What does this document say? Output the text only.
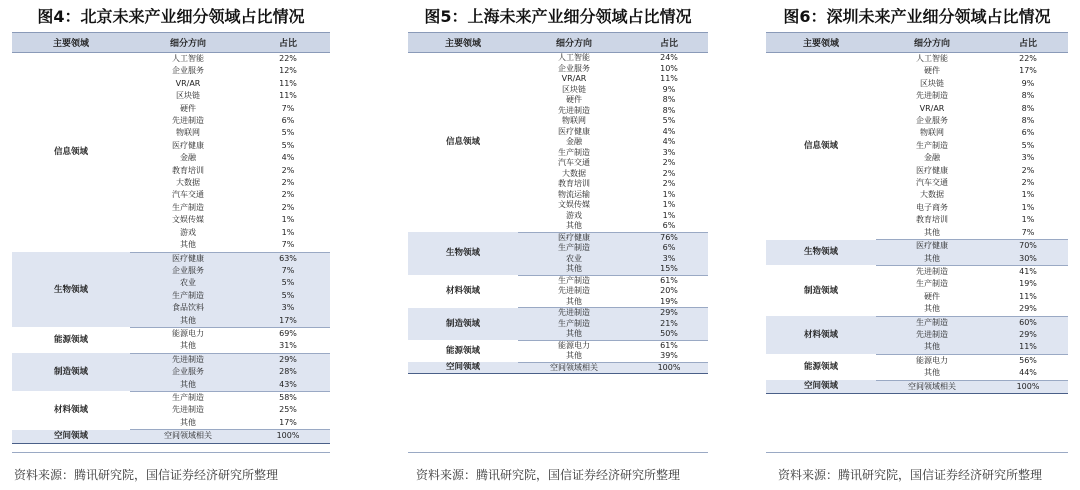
图4：北京未来产业细分领域占比情况
主要领域	细分方向	占比
信息领域	人工智能	22%
	企业服务	12%
	VR/AR	11%
	区块链	11%
	硬件	7%
	先进制造	6%
	物联网	5%
	医疗健康	5%
	金融	4%
	教育培训	2%
	大数据	2%
	汽车交通	2%
	生产制造	2%
	文娱传媒	1%
	游戏	1%
	其他	7%
生物领域	医疗健康	63%
	企业服务	7%
	农业	5%
	生产制造	5%
	食品饮料	3%
	其他	17%
能源领域	能源电力	69%
	其他	31%
制造领域	先进制造	29%
	企业服务	28%
	其他	43%
材料领域	生产制造	58%
	先进制造	25%
	其他	17%
空间领域	空间领域相关	100%
资料来源：腾讯研究院，国信证券经济研究所整理
图5：上海未来产业细分领域占比情况
主要领域	细分方向	占比
信息领域	人工智能	24%
	企业服务	10%
	VR/AR	11%
	区块链	9%
	硬件	8%
	先进制造	8%
	物联网	5%
	医疗健康	4%
	金融	4%
	生产制造	3%
	汽车交通	2%
	大数据	2%
	教育培训	2%
	物流运输	1%
	文娱传媒	1%
	游戏	1%
	其他	6%
生物领域	医疗健康	76%
	生产制造	6%
	农业	3%
	其他	15%
材料领域	生产制造	61%
	先进制造	20%
	其他	19%
制造领域	先进制造	29%
	生产制造	21%
	其他	50%
能源领域	能源电力	61%
	其他	39%
空间领域	空间领域相关	100%
资料来源：腾讯研究院，国信证券经济研究所整理
图6：深圳未来产业细分领域占比情况
主要领域	细分方向	占比
信息领域	人工智能	22%
	硬件	17%
	区块链	9%
	先进制造	8%
	VR/AR	8%
	企业服务	8%
	物联网	6%
	生产制造	5%
	金融	3%
	医疗健康	2%
	汽车交通	2%
	大数据	1%
	电子商务	1%
	教育培训	1%
	其他	7%
生物领域	医疗健康	70%
	其他	30%
制造领域	先进制造	41%
	生产制造	19%
	硬件	11%
	其他	29%
材料领域	生产制造	60%
	先进制造	29%
	其他	11%
能源领域	能源电力	56%
	其他	44%
空间领域	空间领域相关	100%
资料来源：腾讯研究院，国信证券经济研究所整理
